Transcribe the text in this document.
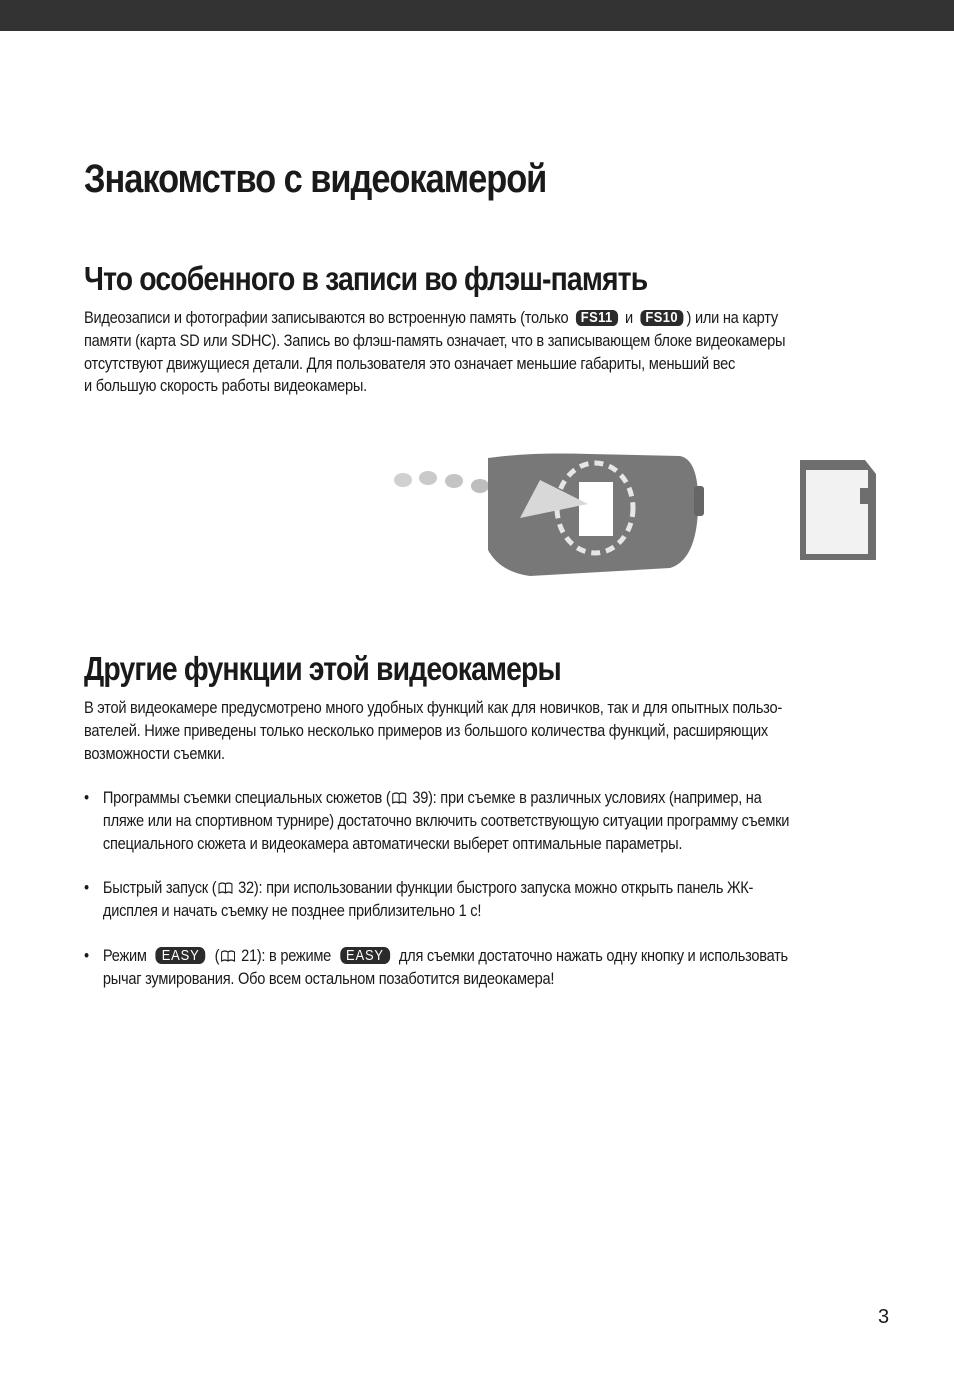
Знакомство с видеокамерой
Что особенного в записи во флэш-память
Видеозаписи и фотографии записываются во встроенную память (только FS11 и FS10 ) или на карту
памяти (карта SD или SDHC). Запись во флэш-память означает, что в записывающем блоке видеокамеры
отсутствуют движущиеся детали. Для пользователя это означает меньшие габариты, меньший вес
и большую скорость работы видеокамеры.
Другие функции этой видеокамеры
В этой видеокамере предусмотрено много удобных функций как для новичков, так и для опытных пользо-
вателей. Ниже приведены только несколько примеров из большого количества функций, расширяющих
возможности съемки.
• Программы съемки специальных сюжетов ( 39): при съемке в различных условиях (например, на
пляже или на спортивном турнире) достаточно включить соответствующую ситуации программу съемки
специального сюжета и видеокамера автоматически выберет оптимальные параметры.
• Быстрый запуск ( 32): при использовании функции быстрого запуска можно открыть панель ЖК-
дисплея и начать съемку не позднее приблизительно 1 с!
• Режим EASY ( 21): в режиме EASY для съемки достаточно нажать одну кнопку и использовать
рычаг зумирования. Обо всем остальном позаботится видеокамера!
3
